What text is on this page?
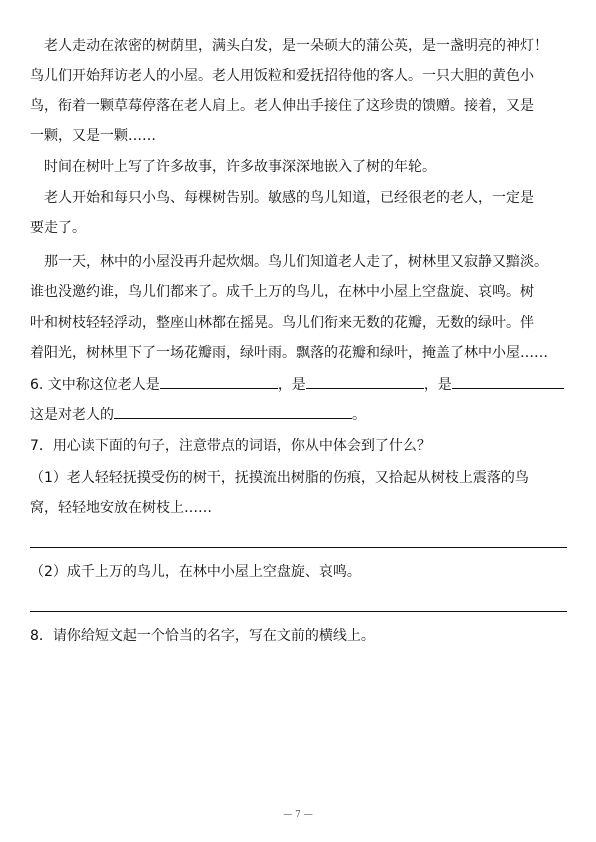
　老人走动在浓密的树荫里，满头白发，是一朵硕大的蒲公英，是一盏明亮的神灯！
鸟儿们开始拜访老人的小屋。老人用饭粒和爱抚招待他的客人。一只大胆的黄色小
鸟，衔着一颗草莓停落在老人肩上。老人伸出手接住了这珍贵的馈赠。接着，又是
一颗，又是一颗……
　时间在树叶上写了许多故事，许多故事深深地嵌入了树的年轮。
　老人开始和每只小鸟、每棵树告别。敏感的鸟儿知道，已经很老的老人，一定是
要走了。
　那一天，林中的小屋没再升起炊烟。鸟儿们知道老人走了，树林里又寂静又黯淡。
谁也没邀约谁，鸟儿们都来了。成千上万的鸟儿，在林中小屋上空盘旋、哀鸣。树
叶和树枝轻轻浮动，整座山林都在摇晃。鸟儿们衔来无数的花瓣，无数的绿叶。伴
着阳光，树林里下了一场花瓣雨，绿叶雨。飘落的花瓣和绿叶，掩盖了林中小屋……
6. 文中称这位老人是	，是	，是
这是对老人的	。
7．用心读下面的句子，注意带点的词语，你从中体会到了什么？
（1）老人轻轻抚摸受伤的树干，抚摸流出树脂的伤痕，又拾起从树枝上震落的鸟
窝，轻轻地安放在树枝上……
（2）成千上万的鸟儿，在林中小屋上空盘旋、哀鸣。
8．请你给短文起一个恰当的名字，写在文前的横线上。
— 7 —
